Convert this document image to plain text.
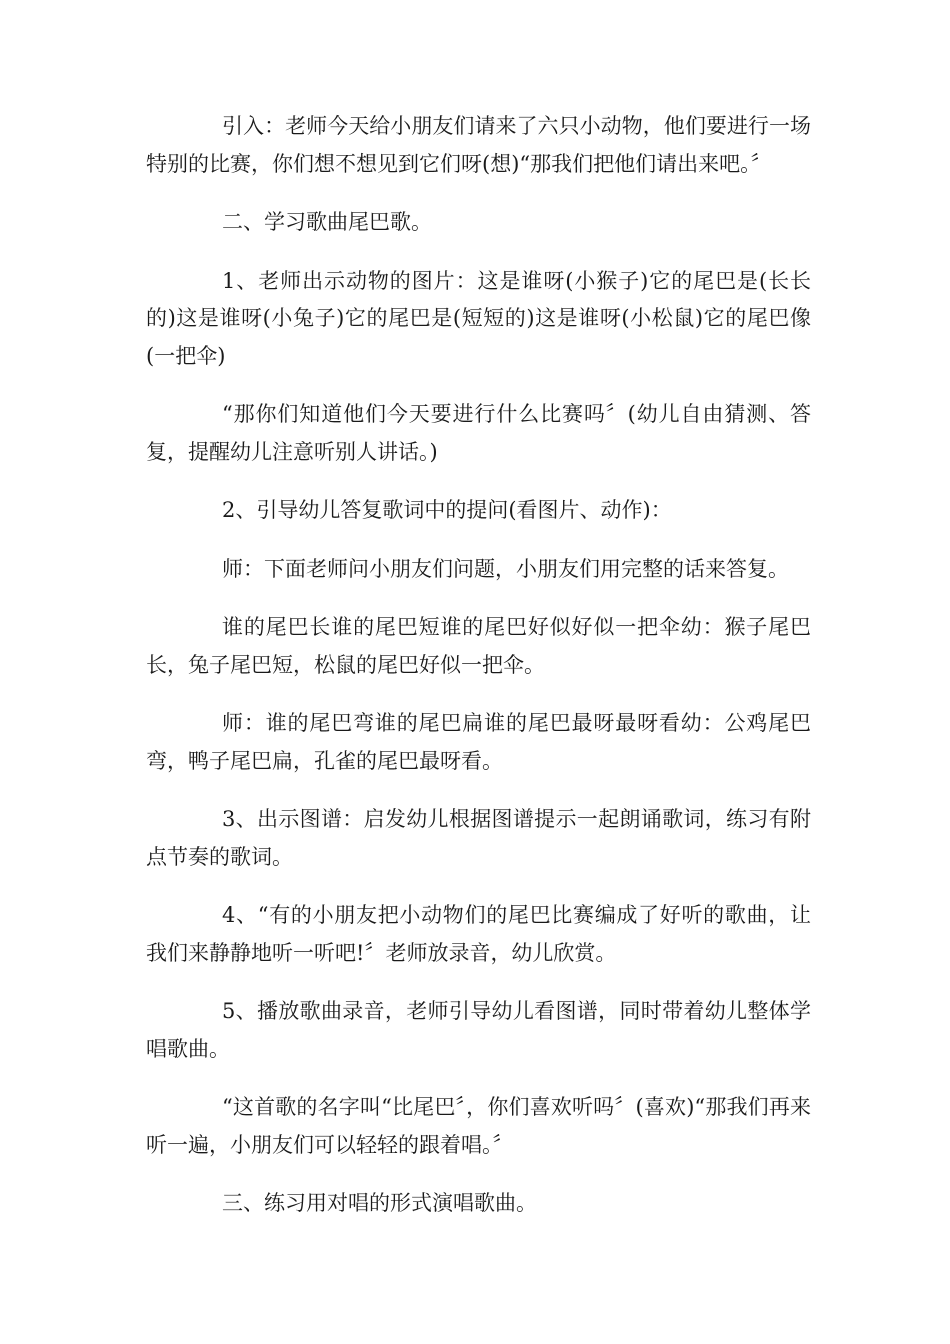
引入：老师今天给小朋友们请来了六只小动物，他们要进行一场特别的比赛，你们想不想见到它们呀(想)“那我们把他们请出来吧。〞

二、学习歌曲尾巴歌。

1、老师出示动物的图片：这是谁呀(小猴子)它的尾巴是(长长的)这是谁呀(小兔子)它的尾巴是(短短的)这是谁呀(小松鼠)它的尾巴像(一把伞)

“那你们知道他们今天要进行什么比赛吗〞(幼儿自由猜测、答复，提醒幼儿注意听别人讲话。)

2、引导幼儿答复歌词中的提问(看图片、动作)：

师：下面老师问小朋友们问题，小朋友们用完整的话来答复。

谁的尾巴长谁的尾巴短谁的尾巴好似好似一把伞幼：猴子尾巴长，兔子尾巴短，松鼠的尾巴好似一把伞。

师：谁的尾巴弯谁的尾巴扁谁的尾巴最呀最呀看幼：公鸡尾巴弯，鸭子尾巴扁，孔雀的尾巴最呀看。

3、出示图谱：启发幼儿根据图谱提示一起朗诵歌词，练习有附点节奏的歌词。

4、“有的小朋友把小动物们的尾巴比赛编成了好听的歌曲，让我们来静静地听一听吧!〞老师放录音，幼儿欣赏。

5、播放歌曲录音，老师引导幼儿看图谱，同时带着幼儿整体学唱歌曲。

“这首歌的名字叫“比尾巴〞，你们喜欢听吗〞(喜欢)“那我们再来听一遍，小朋友们可以轻轻的跟着唱。〞

三、练习用对唱的形式演唱歌曲。
